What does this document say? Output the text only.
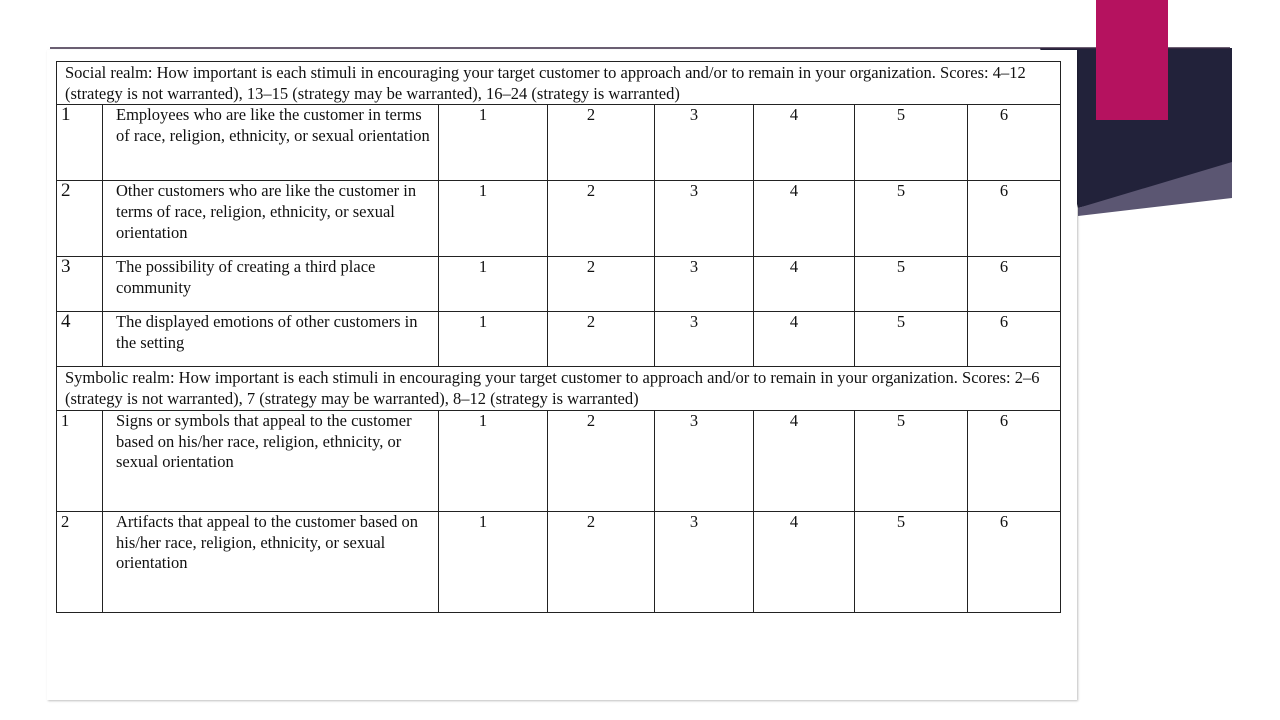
Social realm: How important is each stimuli in encouraging your target customer to approach and/or to remain in your organization. Scores: 4–12 (strategy is not warranted), 13–15 (strategy may be warranted), 16–24 (strategy is warranted)							
1	Employees who are like the customer in terms of race, religion, ethnicity, or sexual orientation	1	2	3	4	5	6
2	Other customers who are like the customer in terms of race, religion, ethnicity, or sexual orientation	1	2	3	4	5	6
3	The possibility of creating a third place community	1	2	3	4	5	6
4	The displayed emotions of other customers in the setting	1	2	3	4	5	6
Symbolic realm: How important is each stimuli in encouraging your target customer to approach and/or to remain in your organization. Scores: 2–6 (strategy is not warranted), 7 (strategy may be warranted), 8–12 (strategy is warranted)							
1	Signs or symbols that appeal to the customer based on his/her race, religion, ethnicity, or sexual orientation	1	2	3	4	5	6
2	Artifacts that appeal to the customer based on his/her race, religion, ethnicity, or sexual orientation	1	2	3	4	5	6
